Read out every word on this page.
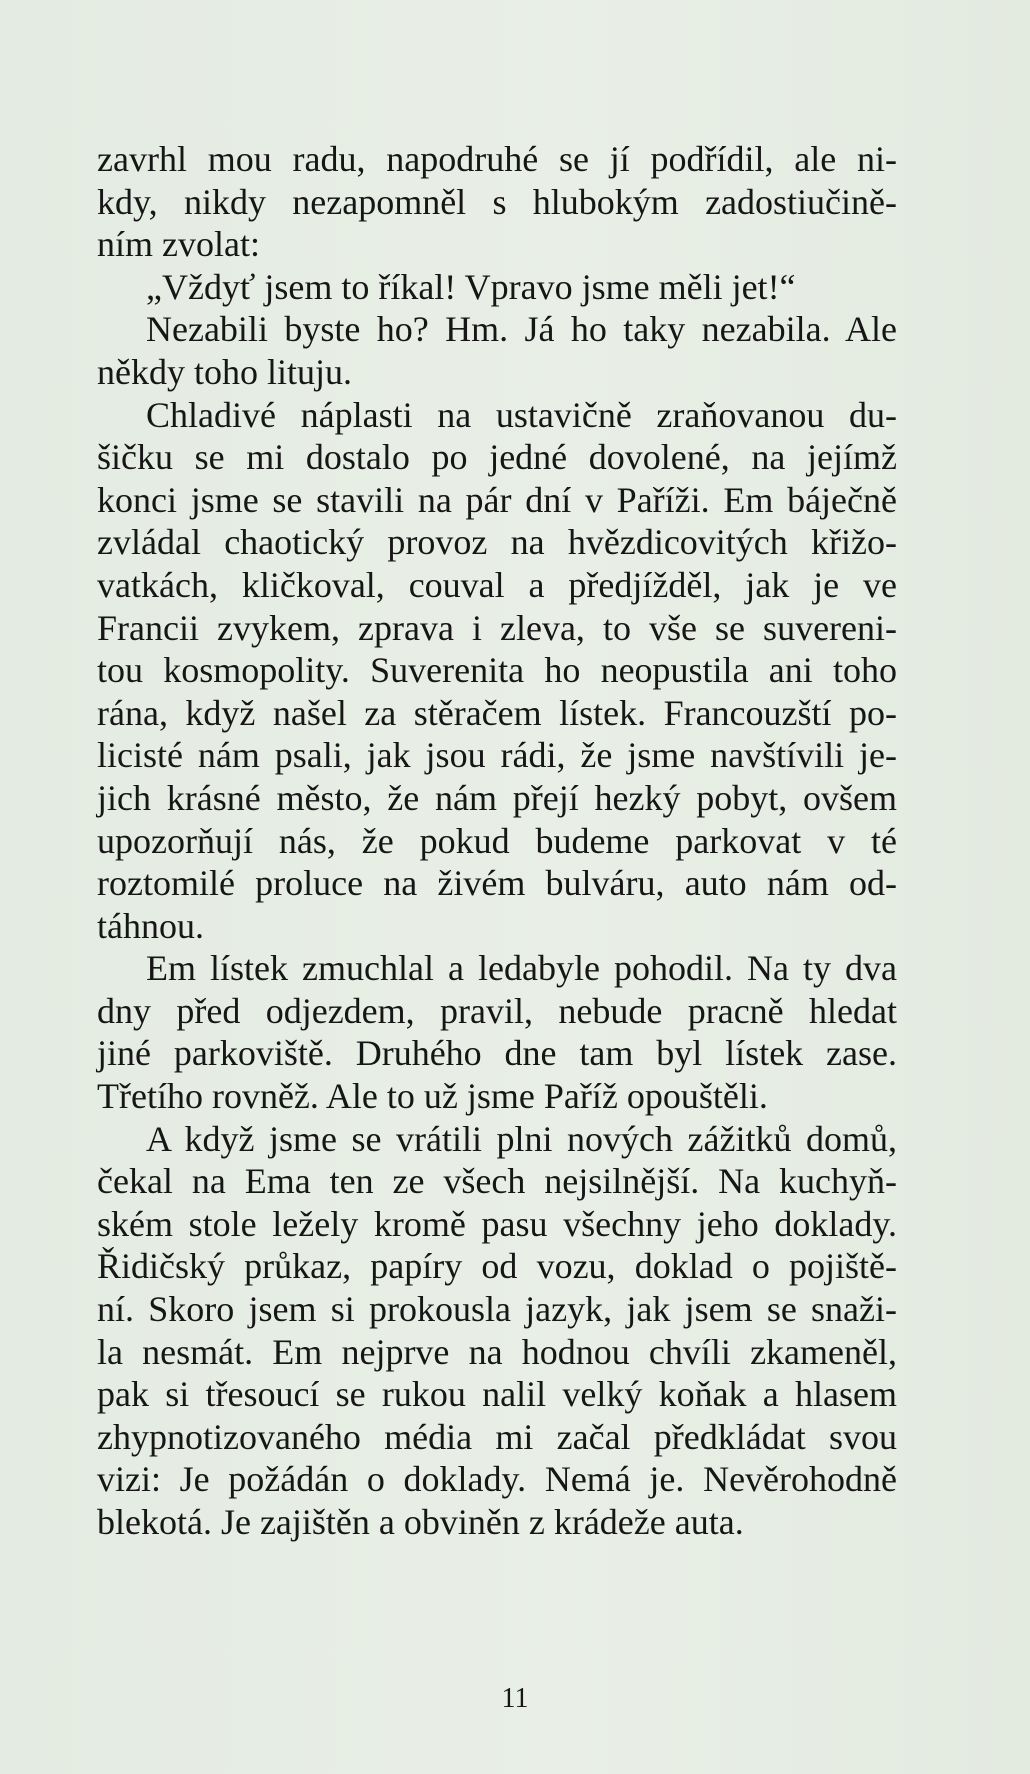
zavrhl mou radu, napodruhé se jí podřídil, ale ni-
kdy, nikdy nezapomněl s hlubokým zadostiučině-
ním zvolat:
„Vždyť jsem to říkal! Vpravo jsme měli jet!“
Nezabili byste ho? Hm. Já ho taky nezabila. Ale
někdy toho lituju.
Chladivé náplasti na ustavičně zraňovanou du-
šičku se mi dostalo po jedné dovolené, na jejímž
konci jsme se stavili na pár dní v Paříži. Em báječně
zvládal chaotický provoz na hvězdicovitých křižo-
vatkách, kličkoval, couval a předjížděl, jak je ve
Francii zvykem, zprava i zleva, to vše se suvereni-
tou kosmopolity. Suverenita ho neopustila ani toho
rána, když našel za stěračem lístek. Francouzští po-
licisté nám psali, jak jsou rádi, že jsme navštívili je-
jich krásné město, že nám přejí hezký pobyt, ovšem
upozorňují nás, že pokud budeme parkovat v té
roztomilé proluce na živém bulváru, auto nám od-
táhnou.
Em lístek zmuchlal a ledabyle pohodil. Na ty dva
dny před odjezdem, pravil, nebude pracně hledat
jiné parkoviště. Druhého dne tam byl lístek zase.
Třetího rovněž. Ale to už jsme Paříž opouštěli.
A když jsme se vrátili plni nových zážitků domů,
čekal na Ema ten ze všech nejsilnější. Na kuchyň-
ském stole ležely kromě pasu všechny jeho doklady.
Řidičský průkaz, papíry od vozu, doklad o pojiště-
ní. Skoro jsem si prokousla jazyk, jak jsem se snaži-
la nesmát. Em nejprve na hodnou chvíli zkameněl,
pak si třesoucí se rukou nalil velký koňak a hlasem
zhypnotizovaného média mi začal předkládat svou
vizi: Je požádán o doklady. Nemá je. Nevěrohodně
blekotá. Je zajištěn a obviněn z krádeže auta.
11
